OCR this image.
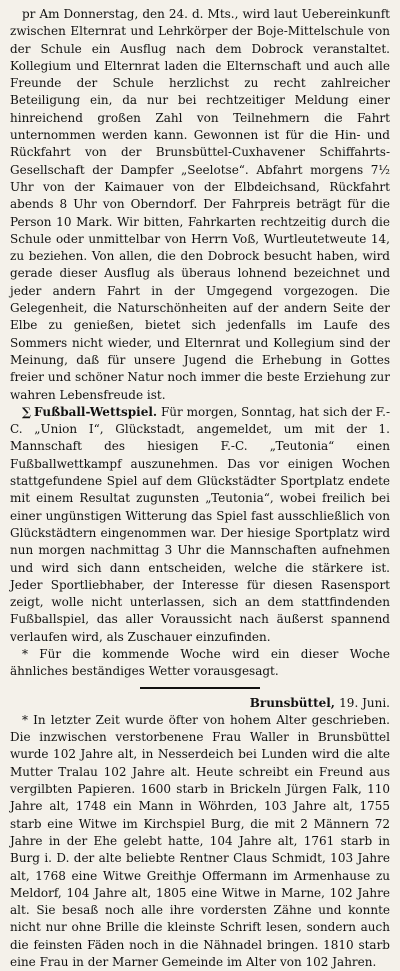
pr Am Donnerstag, den 24. d. Mts., wird laut Uebereinkunft zwischen Elternrat und Lehrkörper der Boje-Mittelschule von der Schule ein Ausflug nach dem Dobrock veranstaltet. Kollegium und Elternrat laden die Elternschaft und auch alle Freunde der Schule herzlichst zu recht zahlreicher Beteiligung ein, da nur bei rechtzeitiger Meldung einer hinreichend großen Zahl von Teilnehmern die Fahrt unternommen werden kann. Gewonnen ist für die Hin- und Rückfahrt von der Brunsbüttel-Cuxhavener Schiffahrts-Gesellschaft der Dampfer „Seelotse“. Abfahrt morgens 7½ Uhr von der Kaimauer von der Elbdeichsand, Rückfahrt abends 8 Uhr von Oberndorf. Der Fahrpreis beträgt für die Person 10 Mark. Wir bitten, Fahrkarten rechtzeitig durch die Schule oder unmittelbar von Herrn Voß, Wurtleutetweute 14, zu beziehen. Von allen, die den Dobrock besucht haben, wird gerade dieser Ausflug als überaus lohnend bezeichnet und jeder andern Fahrt in der Umgegend vorgezogen. Die Gelegenheit, die Naturschönheiten auf der andern Seite der Elbe zu genießen, bietet sich jedenfalls im Laufe des Sommers nicht wieder, und Elternrat und Kollegium sind der Meinung, daß für unsere Jugend die Erhebung in Gottes freier und schöner Natur noch immer die beste Erziehung zur wahren Lebensfreude ist.

∑ Fußball-Wettspiel. Für morgen, Sonntag, hat sich der F.-C. „Union I“, Glückstadt, angemeldet, um mit der 1. Mannschaft des hiesigen F.-C. „Teutonia“ einen Fußballwettkampf auszunehmen. Das vor einigen Wochen stattgefundene Spiel auf dem Glückstädter Sportplatz endete mit einem Resultat zugunsten „Teutonia“, wobei freilich bei einer ungünstigen Witterung das Spiel fast ausschließlich von Glückstädtern eingenommen war. Der hiesige Sportplatz wird nun morgen nachmittag 3 Uhr die Mannschaften aufnehmen und wird sich dann entscheiden, welche die stärkere ist. Jeder Sportliebhaber, der Interesse für diesen Rasensport zeigt, wolle nicht unterlassen, sich an dem stattfindenden Fußballspiel, das aller Voraussicht nach äußerst spannend verlaufen wird, als Zuschauer einzufinden.

* Für die kommende Woche wird ein dieser Woche ähnliches beständiges Wetter vorausgesagt.

Brunsbüttel, 19. Juni.

* In letzter Zeit wurde öfter von hohem Alter geschrieben. Die inzwischen verstorbenene Frau Waller in Brunsbüttel wurde 102 Jahre alt, in Nesserdeich bei Lunden wird die alte Mutter Tralau 102 Jahre alt. Heute schreibt ein Freund aus vergilbten Papieren. 1600 starb in Brickeln Jürgen Falk, 110 Jahre alt, 1748 ein Mann in Wöhrden, 103 Jahre alt, 1755 starb eine Witwe im Kirchspiel Burg, die mit 2 Männern 72 Jahre in der Ehe gelebt hatte, 104 Jahre alt, 1761 starb in Burg i. D. der alte beliebte Rentner Claus Schmidt, 103 Jahre alt, 1768 eine Witwe Greithje Offermann im Armenhause zu Meldorf, 104 Jahre alt, 1805 eine Witwe in Marne, 102 Jahre alt. Sie besaß noch alle ihre vordersten Zähne und konnte nicht nur ohne Brille die kleinste Schrift lesen, sondern auch die feinsten Fäden noch in die Nähnadel bringen. 1810 starb eine Frau in der Marner Gemeinde im Alter von 102 Jahren.
